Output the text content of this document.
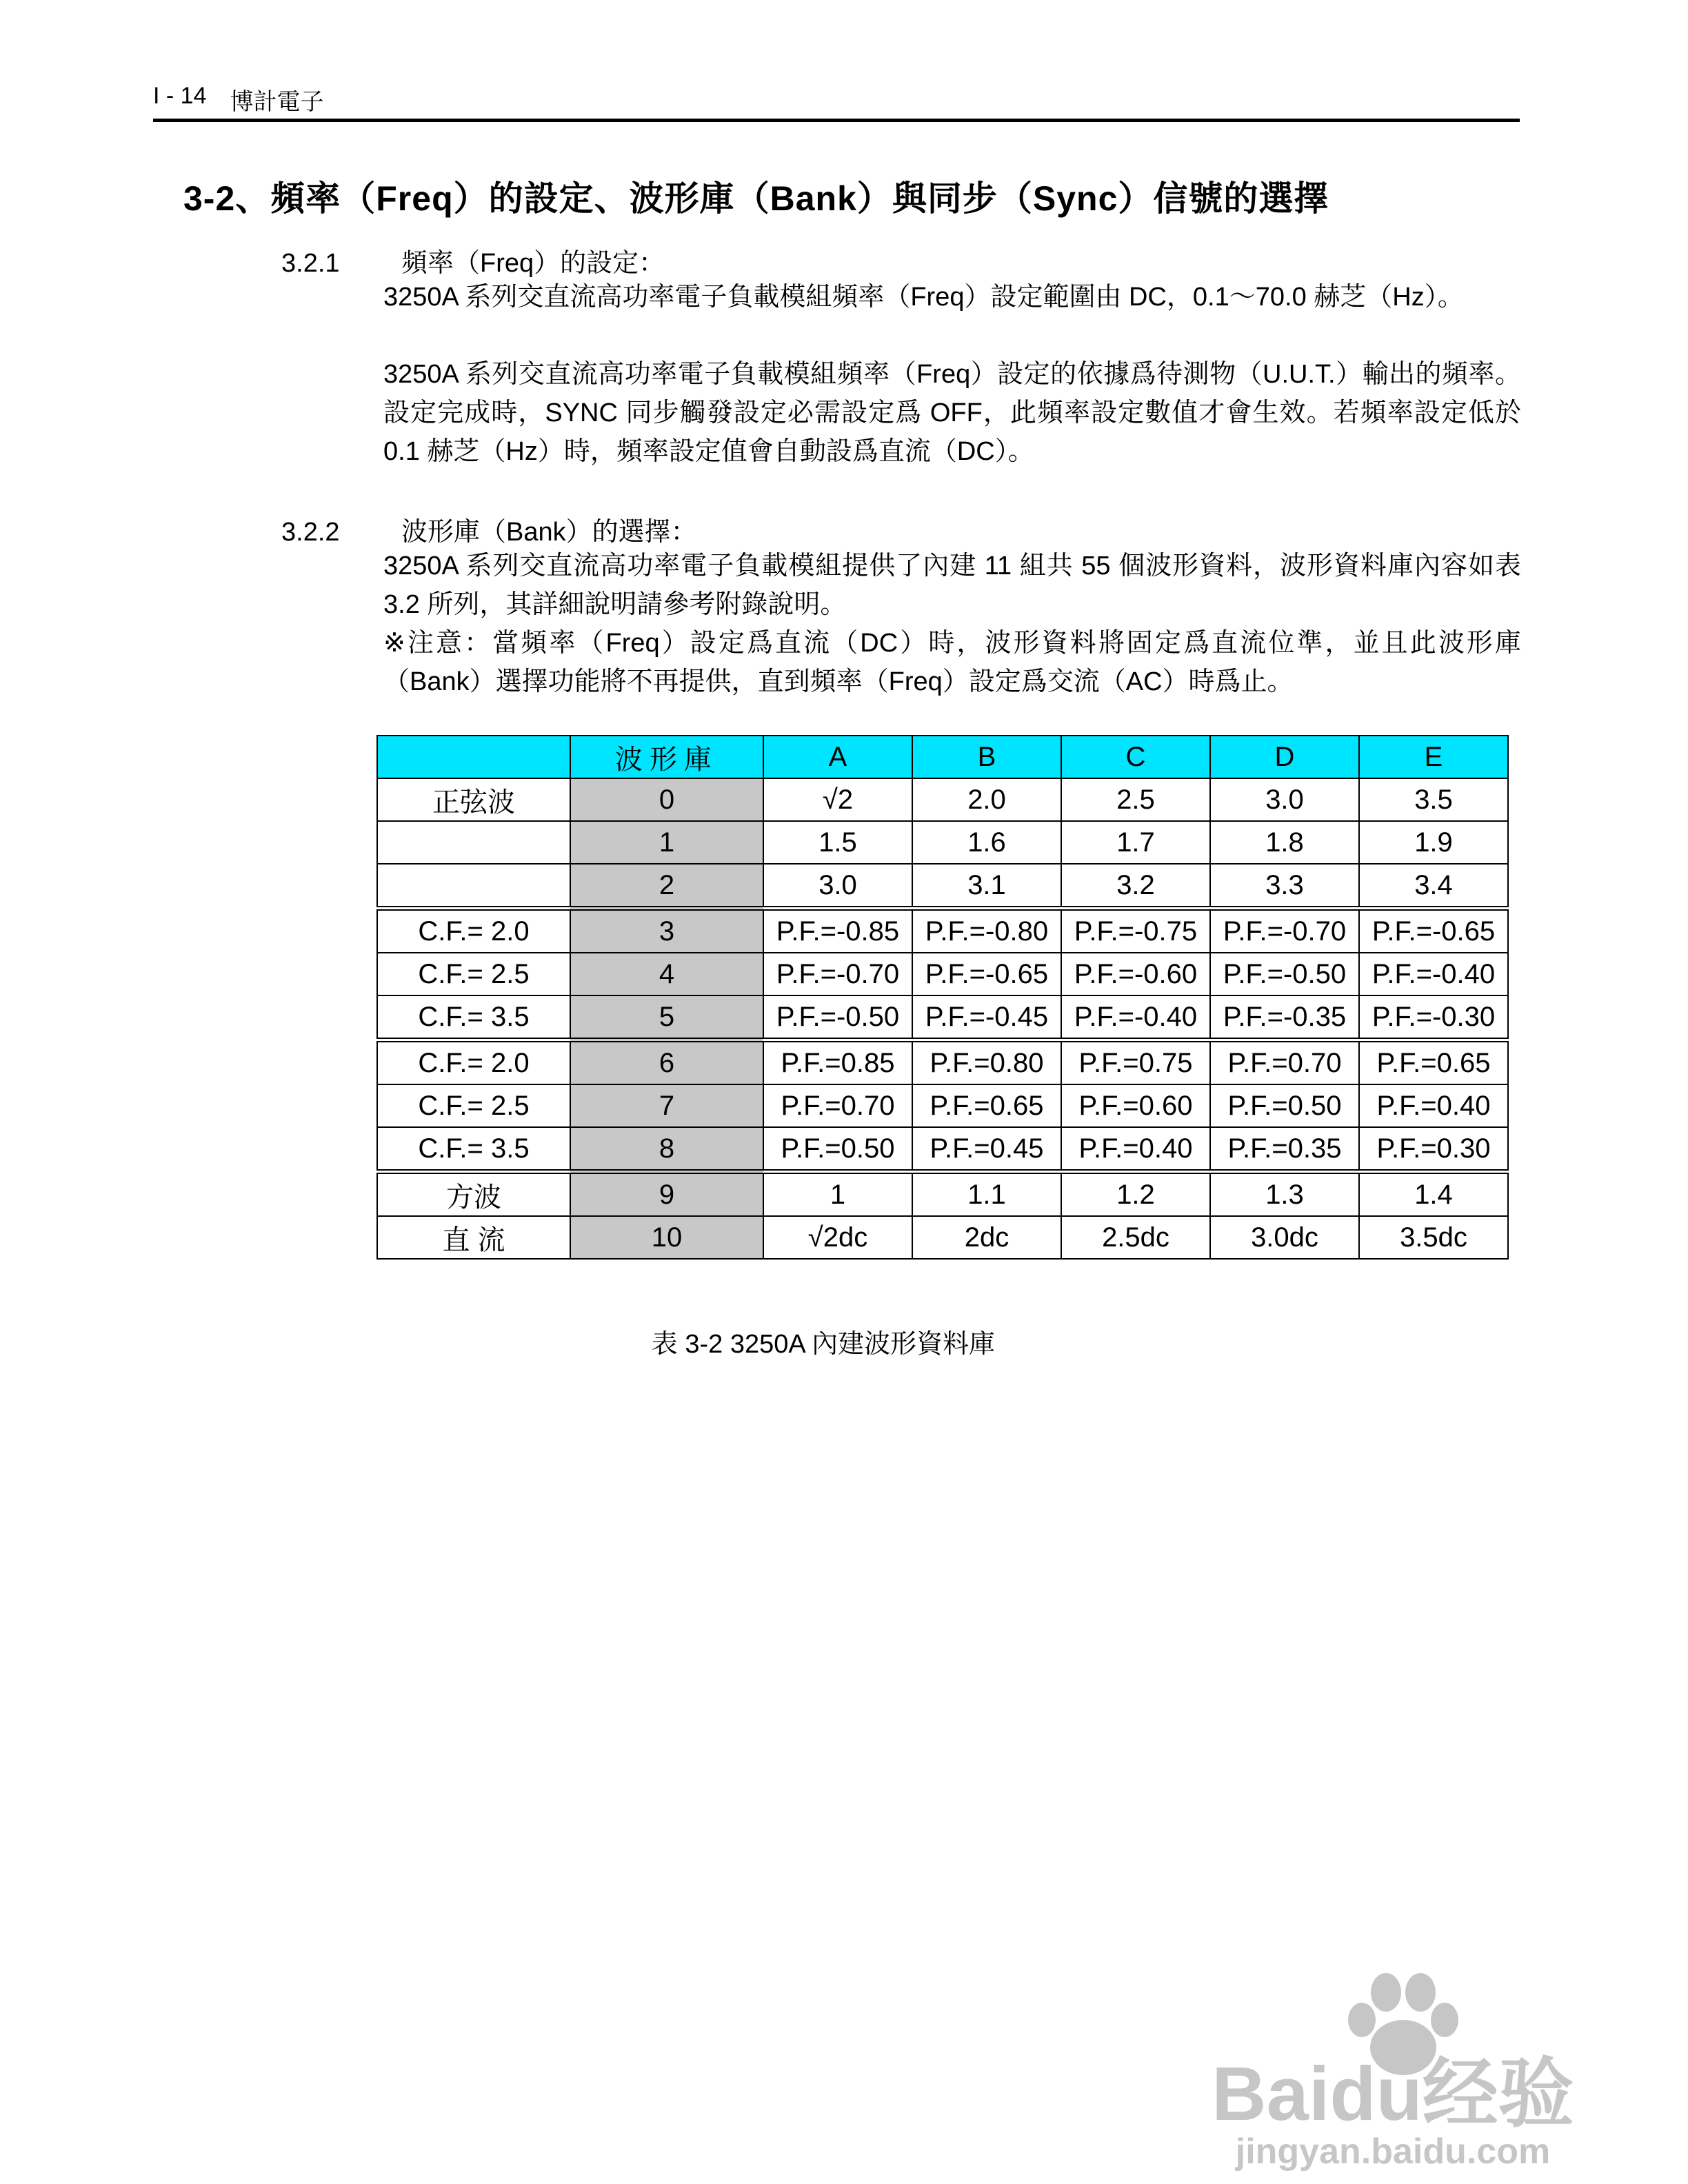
I - 14 博計電子
3-2、頻率（Freq）的設定、波形庫（Bank）與同步（Sync）信號的選擇
3.2.1 頻率（Freq）的設定：
3250A 系列交直流高功率電子負載模組頻率（Freq）設定範圍由 DC，0.1～70.0 赫芝（Hz）。
3250A 系列交直流高功率電子負載模組頻率（Freq）設定的依據爲待測物（U.U.T.）輸出的頻率。設定完成時，SYNC 同步觸發設定必需設定爲 OFF，此頻率設定數值才會生效。若頻率設定低於 0.1 赫芝（Hz）時，頻率設定值會自動設爲直流（DC）。
3.2.2 波形庫（Bank）的選擇：
3250A 系列交直流高功率電子負載模組提供了內建 11 組共 55 個波形資料，波形資料庫內容如表 3.2 所列，其詳細說明請參考附錄說明。
※注意：當頻率（Freq）設定爲直流（DC）時，波形資料將固定爲直流位準，並且此波形庫（Bank）選擇功能將不再提供，直到頻率（Freq）設定爲交流（AC）時爲止。
	波形庫	A	B	C	D	E
正弦波	0	√2	2.0	2.5	3.0	3.5
	1	1.5	1.6	1.7	1.8	1.9
	2	3.0	3.1	3.2	3.3	3.4
C.F.= 2.0	3	P.F.=-0.85	P.F.=-0.80	P.F.=-0.75	P.F.=-0.70	P.F.=-0.65
C.F.= 2.5	4	P.F.=-0.70	P.F.=-0.65	P.F.=-0.60	P.F.=-0.50	P.F.=-0.40
C.F.= 3.5	5	P.F.=-0.50	P.F.=-0.45	P.F.=-0.40	P.F.=-0.35	P.F.=-0.30
C.F.= 2.0	6	P.F.=0.85	P.F.=0.80	P.F.=0.75	P.F.=0.70	P.F.=0.65
C.F.= 2.5	7	P.F.=0.70	P.F.=0.65	P.F.=0.60	P.F.=0.50	P.F.=0.40
C.F.= 3.5	8	P.F.=0.50	P.F.=0.45	P.F.=0.40	P.F.=0.35	P.F.=0.30
方波	9	1	1.1	1.2	1.3	1.4
直 流	10	√2dc	2dc	2.5dc	3.0dc	3.5dc
表 3-2 3250A 內建波形資料庫
Baidu经验
jingyan.baidu.com
